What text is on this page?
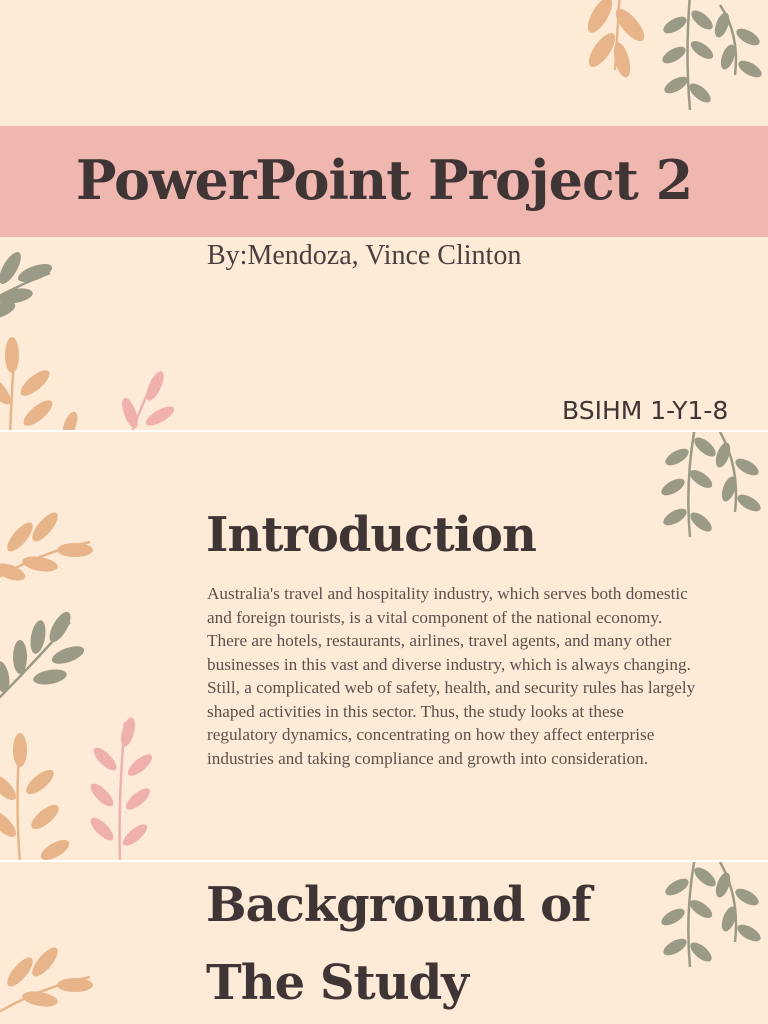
PowerPoint Project 2
By:Mendoza, Vince Clinton
BSIHM 1-Y1-8
Introduction
Australia's travel and hospitality industry, which serves both domestic and foreign tourists, is a vital component of the national economy. There are hotels, restaurants, airlines, travel agents, and many other businesses in this vast and diverse industry, which is always changing. Still, a complicated web of safety, health, and security rules has largely shaped activities in this sector. Thus, the study looks at these regulatory dynamics, concentrating on how they affect enterprise industries and taking compliance and growth into consideration.
Background of
The Study
